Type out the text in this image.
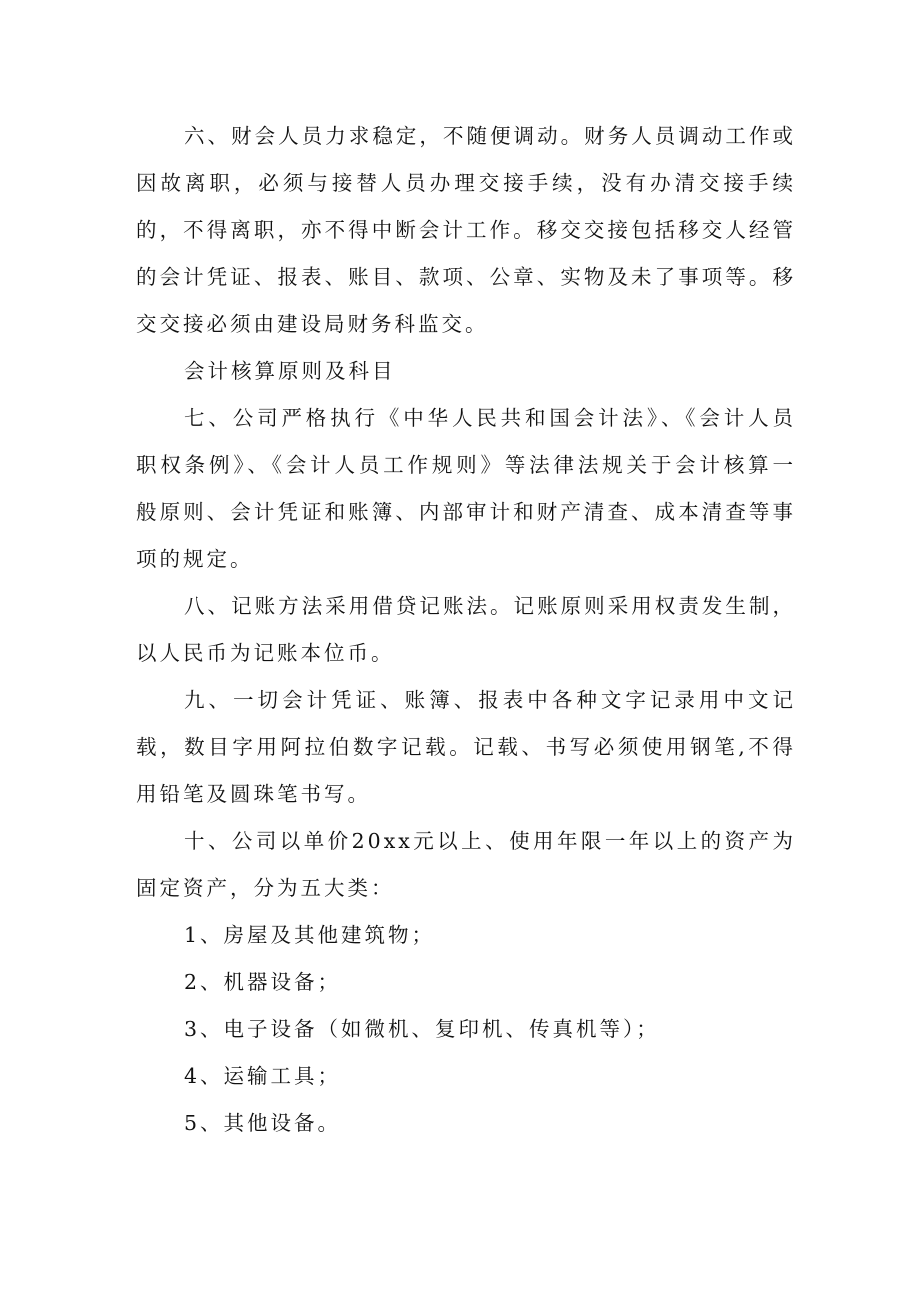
六、财会人员力求稳定，不随便调动。财务人员调动工作或因故离职，必须与接替人员办理交接手续，没有办清交接手续的，不得离职，亦不得中断会计工作。移交交接包括移交人经管的会计凭证、报表、账目、款项、公章、实物及未了事项等。移交交接必须由建设局财务科监交。

会计核算原则及科目

七、公司严格执行《中华人民共和国会计法》、《会计人员职权条例》、《会计人员工作规则》等法律法规关于会计核算一般原则、会计凭证和账簿、内部审计和财产清查、成本清查等事项的规定。

八、记账方法采用借贷记账法。记账原则采用权责发生制，以人民币为记账本位币。

九、一切会计凭证、账簿、报表中各种文字记录用中文记载，数目字用阿拉伯数字记载。记载、书写必须使用钢笔,不得用铅笔及圆珠笔书写。

十、公司以单价20xx元以上、使用年限一年以上的资产为固定资产，分为五大类：

1、房屋及其他建筑物；

2、机器设备；

3、电子设备（如微机、复印机、传真机等）；

4、运输工具；

5、其他设备。
